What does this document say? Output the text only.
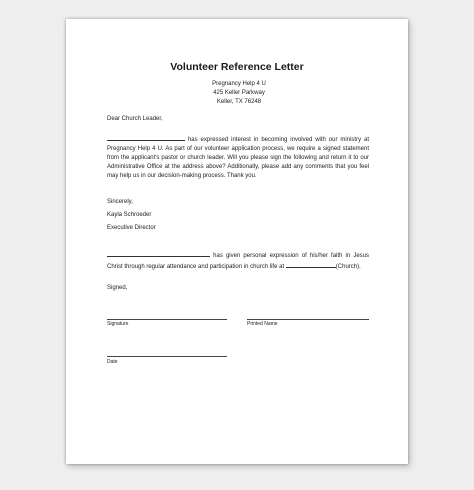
Volunteer Reference Letter
Pregnancy Help 4 U
425 Keller Parkway
Keller, TX 76248
Dear Church Leader,
has expressed interest in becoming involved with our ministry at Pregnancy Help 4 U. As part of our volunteer application process, we require a signed statement from the applicant's pastor or church leader. Will you please sign the following and return it to our Administrative Office at the address above? Additionally, please add any comments that you feel may help us in our decision-making process. Thank you.
Sincerely,
Kayla Schroeder
Executive Director
has given personal expression of his/her faith in Jesus Christ through regular attendance and participation in church life at	(Church).
Signed,
Signature	Printed Name
Date
